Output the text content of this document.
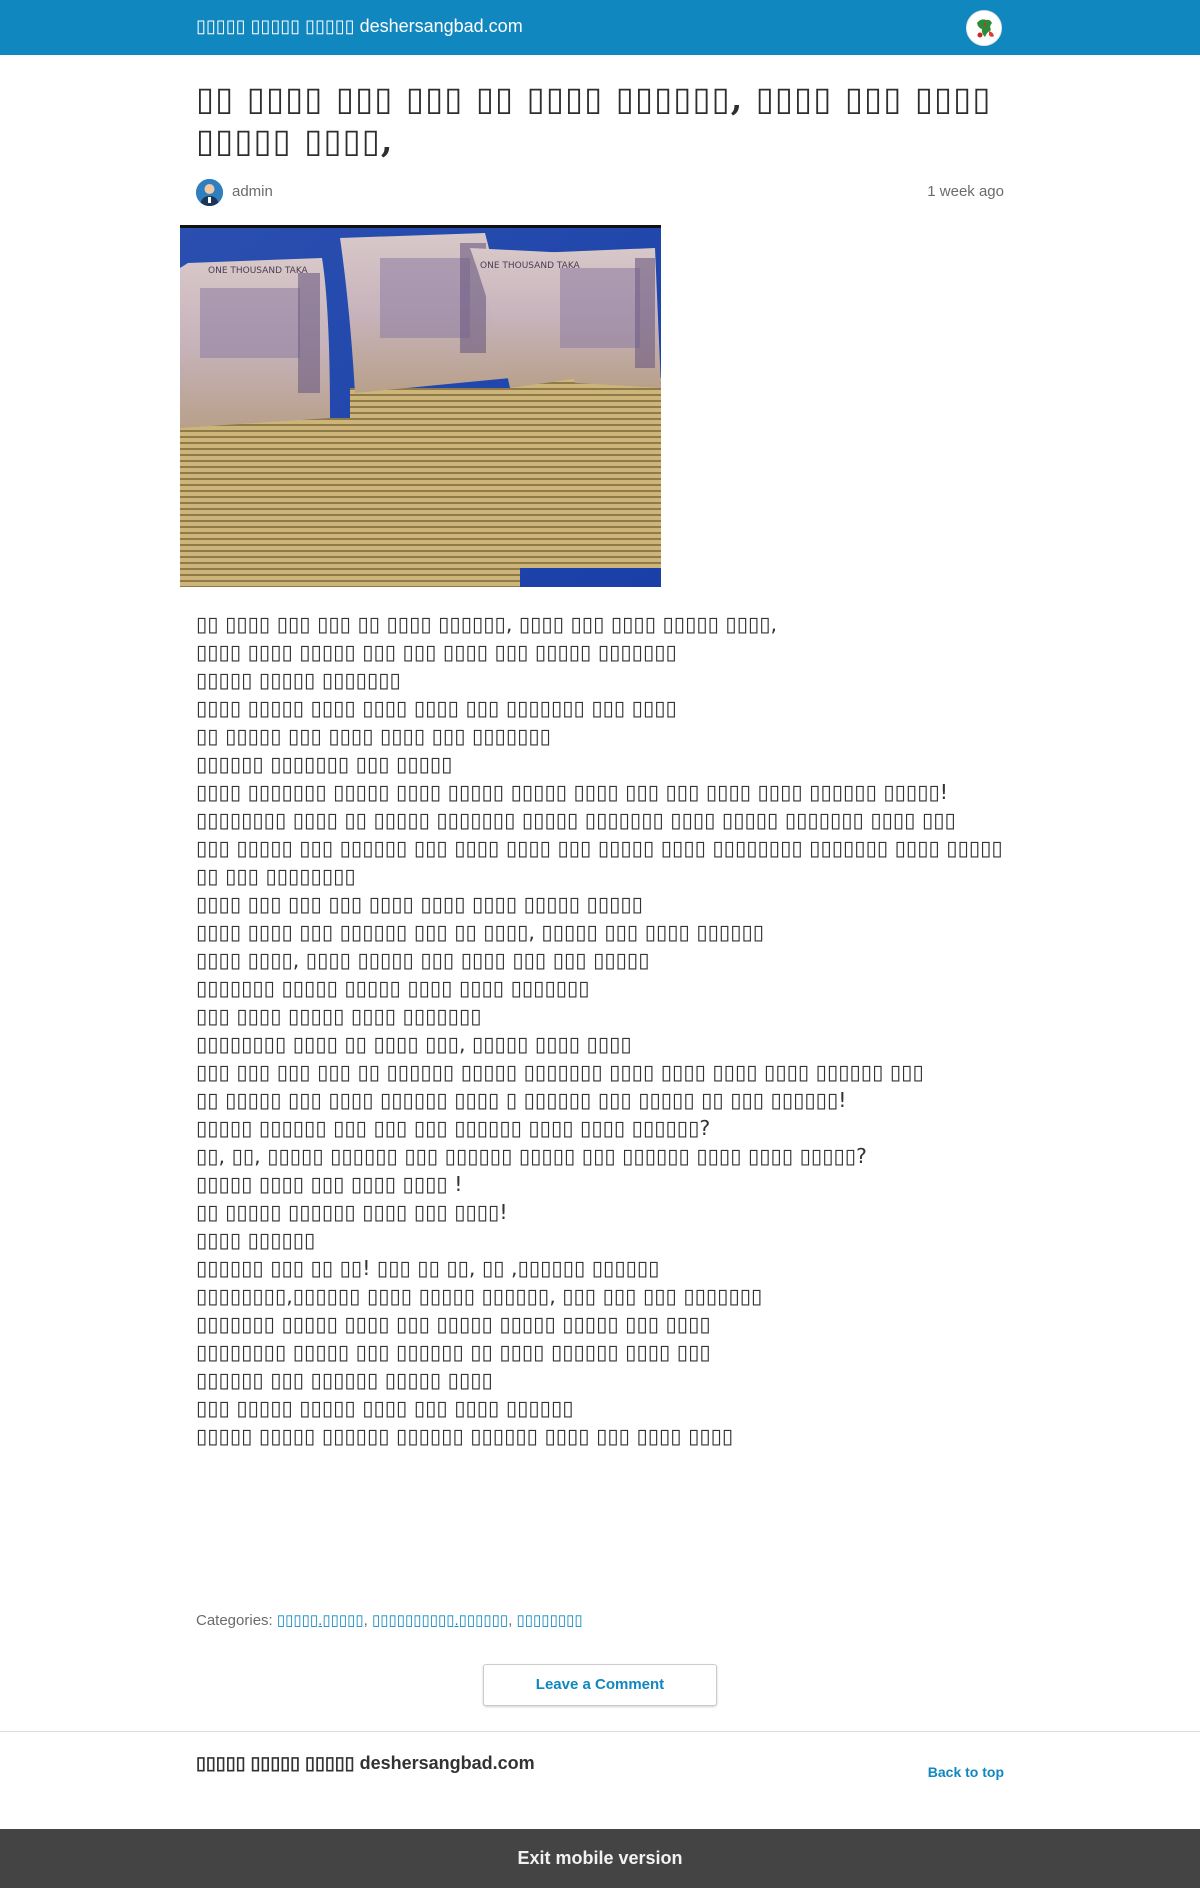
▯▯▯▯▯ ▯▯▯▯▯ ▯▯▯▯▯ deshersangbad.com
▯▯ ▯▯▯▯ ▯▯▯ ▯▯▯ ▯▯ ▯▯▯▯ ▯▯▯▯▯▯, ▯▯▯▯ ▯▯▯ ▯▯▯▯ ▯▯▯▯▯ ▯▯▯▯,
admin	1 week ago
ONE THOUSAND TAKA	ONE THOUSAND TAKA

▯▯ ▯▯▯▯ ▯▯▯ ▯▯▯ ▯▯ ▯▯▯▯ ▯▯▯▯▯▯, ▯▯▯▯ ▯▯▯ ▯▯▯▯ ▯▯▯▯▯ ▯▯▯▯,

▯▯▯▯ ▯▯▯▯ ▯▯▯▯▯ ▯▯▯ ▯▯▯ ▯▯▯▯ ▯▯▯ ▯▯▯▯▯ ▯▯▯▯▯▯▯

▯▯▯▯▯ ▯▯▯▯▯ ▯▯▯▯▯▯▯

▯▯▯▯ ▯▯▯▯▯ ▯▯▯▯ ▯▯▯▯ ▯▯▯▯ ▯▯▯ ▯▯▯▯▯▯▯ ▯▯▯ ▯▯▯▯

▯▯ ▯▯▯▯▯ ▯▯▯ ▯▯▯▯ ▯▯▯▯ ▯▯▯ ▯▯▯▯▯▯▯

▯▯▯▯▯▯ ▯▯▯▯▯▯▯ ▯▯▯ ▯▯▯▯▯

▯▯▯▯ ▯▯▯▯▯▯▯ ▯▯▯▯▯ ▯▯▯▯ ▯▯▯▯▯ ▯▯▯▯▯ ▯▯▯▯ ▯▯▯ ▯▯▯ ▯▯▯▯ ▯▯▯▯ ▯▯▯▯▯▯ ▯▯▯▯▯!

▯▯▯▯▯▯▯▯ ▯▯▯▯ ▯▯ ▯▯▯▯▯ ▯▯▯▯▯▯▯ ▯▯▯▯▯ ▯▯▯▯▯▯▯ ▯▯▯▯ ▯▯▯▯▯ ▯▯▯▯▯▯▯ ▯▯▯▯ ▯▯▯

▯▯▯ ▯▯▯▯▯ ▯▯▯ ▯▯▯▯▯▯ ▯▯▯ ▯▯▯▯ ▯▯▯▯ ▯▯▯ ▯▯▯▯▯ ▯▯▯▯ ▯▯▯▯▯▯▯▯ ▯▯▯▯▯▯▯ ▯▯▯▯ ▯▯▯▯▯ ▯▯ ▯▯▯ ▯▯▯▯▯▯▯▯

▯▯▯▯ ▯▯▯ ▯▯▯ ▯▯▯ ▯▯▯▯ ▯▯▯▯ ▯▯▯▯ ▯▯▯▯▯ ▯▯▯▯▯

▯▯▯▯ ▯▯▯▯ ▯▯▯ ▯▯▯▯▯▯ ▯▯▯ ▯▯ ▯▯▯▯, ▯▯▯▯▯ ▯▯▯ ▯▯▯▯ ▯▯▯▯▯▯

▯▯▯▯ ▯▯▯▯, ▯▯▯▯ ▯▯▯▯▯ ▯▯▯ ▯▯▯▯ ▯▯▯ ▯▯▯ ▯▯▯▯▯

▯▯▯▯▯▯▯ ▯▯▯▯▯ ▯▯▯▯▯ ▯▯▯▯ ▯▯▯▯ ▯▯▯▯▯▯▯

▯▯▯ ▯▯▯▯ ▯▯▯▯▯ ▯▯▯▯ ▯▯▯▯▯▯▯

▯▯▯▯▯▯▯▯ ▯▯▯▯ ▯▯ ▯▯▯▯ ▯▯▯, ▯▯▯▯▯ ▯▯▯▯ ▯▯▯▯

▯▯▯ ▯▯▯ ▯▯▯ ▯▯▯ ▯▯ ▯▯▯▯▯▯ ▯▯▯▯▯ ▯▯▯▯▯▯▯ ▯▯▯▯ ▯▯▯▯ ▯▯▯▯ ▯▯▯▯ ▯▯▯▯▯▯ ▯▯▯

▯▯ ▯▯▯▯▯ ▯▯▯ ▯▯▯▯ ▯▯▯▯▯▯ ▯▯▯▯ ▯ ▯▯▯▯▯▯ ▯▯▯ ▯▯▯▯▯ ▯▯ ▯▯▯ ▯▯▯▯▯▯!

▯▯▯▯▯ ▯▯▯▯▯▯ ▯▯▯ ▯▯▯ ▯▯▯ ▯▯▯▯▯▯ ▯▯▯▯ ▯▯▯▯ ▯▯▯▯▯▯?

▯▯, ▯▯, ▯▯▯▯▯ ▯▯▯▯▯▯ ▯▯▯ ▯▯▯▯▯▯ ▯▯▯▯▯ ▯▯▯ ▯▯▯▯▯▯ ▯▯▯▯ ▯▯▯▯ ▯▯▯▯▯?

▯▯▯▯▯ ▯▯▯▯ ▯▯▯ ▯▯▯▯ ▯▯▯▯ !

▯▯ ▯▯▯▯▯ ▯▯▯▯▯▯ ▯▯▯▯ ▯▯▯ ▯▯▯▯!

▯▯▯▯ ▯▯▯▯▯▯

▯▯▯▯▯▯ ▯▯▯ ▯▯ ▯▯! ▯▯▯ ▯▯ ▯▯, ▯▯ ,▯▯▯▯▯▯ ▯▯▯▯▯▯

▯▯▯▯▯▯▯▯,▯▯▯▯▯▯ ▯▯▯▯ ▯▯▯▯▯ ▯▯▯▯▯▯, ▯▯▯ ▯▯▯ ▯▯▯ ▯▯▯▯▯▯▯

▯▯▯▯▯▯▯ ▯▯▯▯▯ ▯▯▯▯ ▯▯▯ ▯▯▯▯▯ ▯▯▯▯▯ ▯▯▯▯▯ ▯▯▯ ▯▯▯▯

▯▯▯▯▯▯▯▯ ▯▯▯▯▯ ▯▯▯ ▯▯▯▯▯▯ ▯▯ ▯▯▯▯ ▯▯▯▯▯▯ ▯▯▯▯ ▯▯▯

▯▯▯▯▯▯ ▯▯▯ ▯▯▯▯▯▯ ▯▯▯▯▯ ▯▯▯▯

▯▯▯ ▯▯▯▯▯ ▯▯▯▯▯ ▯▯▯▯ ▯▯▯ ▯▯▯▯ ▯▯▯▯▯▯

▯▯▯▯▯ ▯▯▯▯▯ ▯▯▯▯▯▯ ▯▯▯▯▯▯ ▯▯▯▯▯▯ ▯▯▯▯ ▯▯▯ ▯▯▯▯ ▯▯▯▯

Categories: ▯▯▯▯▯.▯▯▯▯▯, ▯▯▯▯▯▯▯▯▯▯.▯▯▯▯▯▯, ▯▯▯▯▯▯▯▯
Leave a Comment
▯▯▯▯▯ ▯▯▯▯▯ ▯▯▯▯▯ deshersangbad.com	Back to top
Exit mobile version
